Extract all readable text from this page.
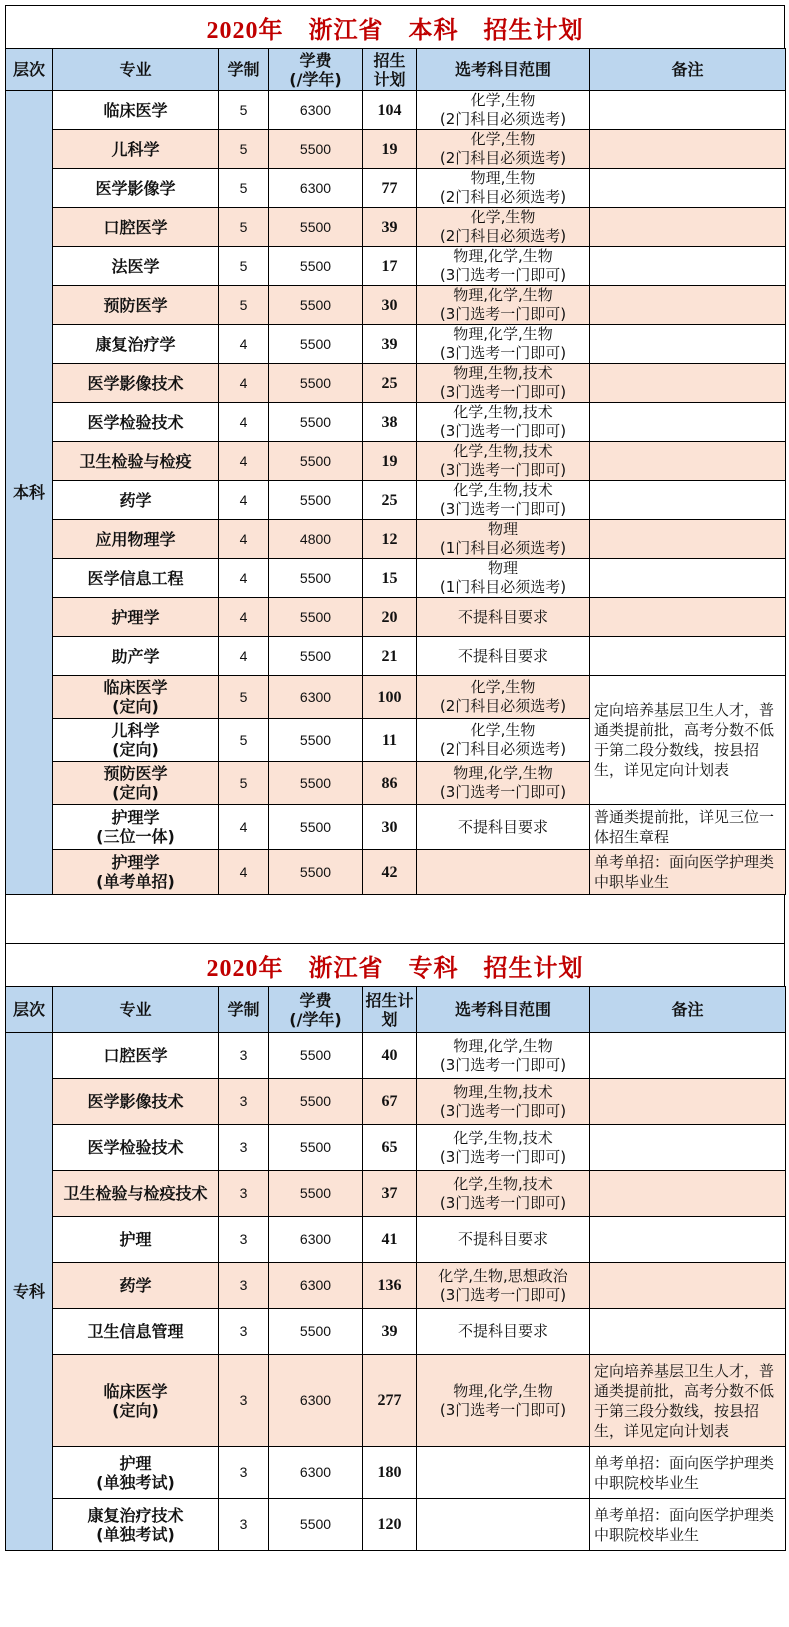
2020年　浙江省　本科　招生计划
层次	专业	学制	学费
(/学年)	招生
计划	选考科目范围	备注
本科	临床医学	5	6300	104	化学,生物
(2门科目必须选考)	
	儿科学	5	5500	19	化学,生物
(2门科目必须选考)	
	医学影像学	5	6300	77	物理,生物
(2门科目必须选考)	
	口腔医学	5	5500	39	化学,生物
(2门科目必须选考)	
	法医学	5	5500	17	物理,化学,生物
(3门选考一门即可)	
	预防医学	5	5500	30	物理,化学,生物
(3门选考一门即可)	
	康复治疗学	4	5500	39	物理,化学,生物
(3门选考一门即可)	
	医学影像技术	4	5500	25	物理,生物,技术
(3门选考一门即可)	
	医学检验技术	4	5500	38	化学,生物,技术
(3门选考一门即可)	
	卫生检验与检疫	4	5500	19	化学,生物,技术
(3门选考一门即可)	
	药学	4	5500	25	化学,生物,技术
(3门选考一门即可)	
	应用物理学	4	4800	12	物理
(1门科目必须选考)	
	医学信息工程	4	5500	15	物理
(1门科目必须选考)	
	护理学	4	5500	20	不提科目要求	
	助产学	4	5500	21	不提科目要求	
	临床医学
(定向)	5	6300	100	化学,生物
(2门科目必须选考)	定向培养基层卫生人才，普通类提前批，高考分数不低于第二段分数线，按县招生，详见定向计划表
	儿科学
(定向)	5	5500	11	化学,生物
(2门科目必须选考)	
	预防医学
(定向)	5	5500	86	物理,化学,生物
(3门选考一门即可)	
	护理学
(三位一体)	4	5500	30	不提科目要求	普通类提前批，详见三位一体招生章程
	护理学
(单考单招)	4	5500	42		单考单招：面向医学护理类中职毕业生
2020年　浙江省　专科　招生计划
层次	专业	学制	学费
(/学年)	招生计
划	选考科目范围	备注
专科	口腔医学	3	5500	40	物理,化学,生物
(3门选考一门即可)	
	医学影像技术	3	5500	67	物理,生物,技术
(3门选考一门即可)	
	医学检验技术	3	5500	65	化学,生物,技术
(3门选考一门即可)	
	卫生检验与检疫技术	3	5500	37	化学,生物,技术
(3门选考一门即可)	
	护理	3	6300	41	不提科目要求	
	药学	3	6300	136	化学,生物,思想政治
(3门选考一门即可)	
	卫生信息管理	3	5500	39	不提科目要求	
	临床医学
(定向)	3	6300	277	物理,化学,生物
(3门选考一门即可)	定向培养基层卫生人才，普通类提前批，高考分数不低于第三段分数线，按县招生，详见定向计划表
	护理
(单独考试)	3	6300	180		单考单招：面向医学护理类中职院校毕业生
	康复治疗技术
(单独考试)	3	5500	120		单考单招：面向医学护理类中职院校毕业生
